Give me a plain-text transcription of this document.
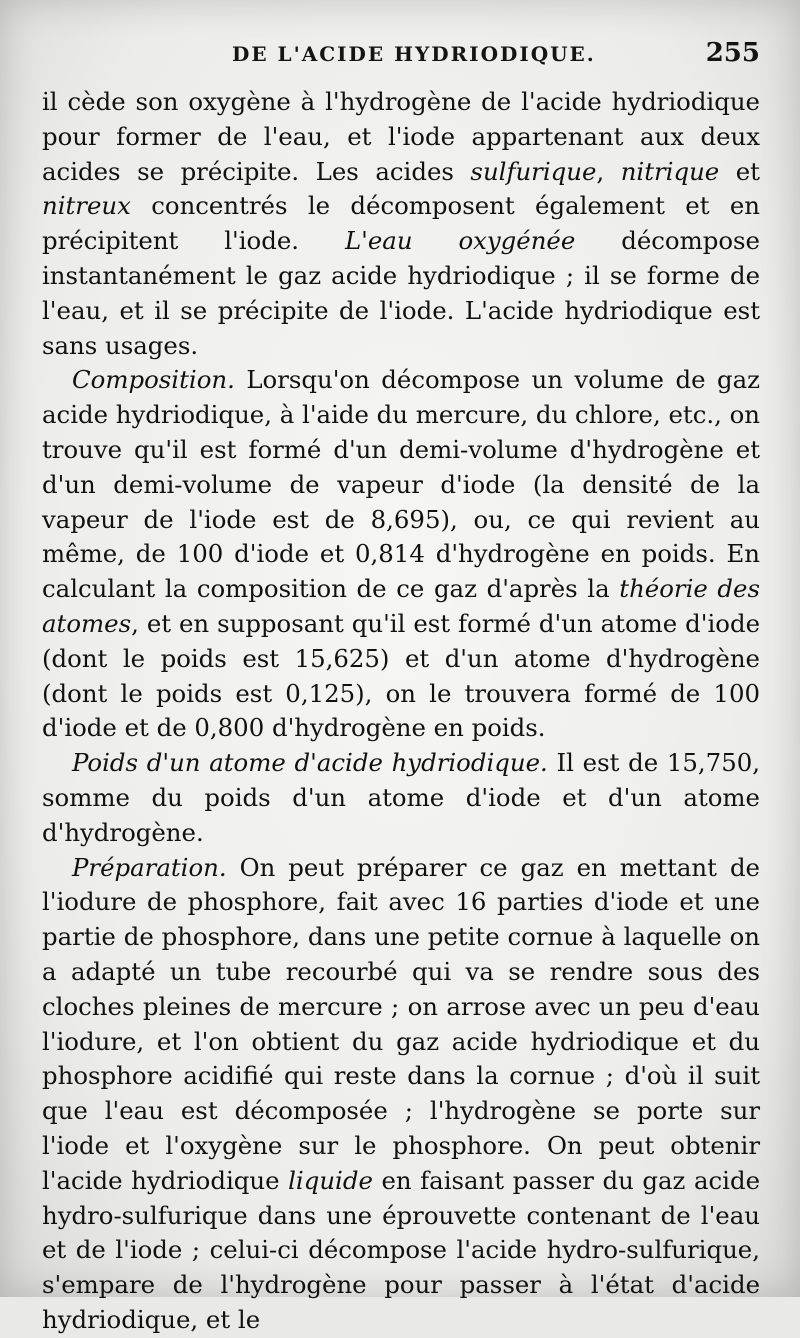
DE L'ACIDE HYDRIODIQUE.	255

il cède son oxygène à l'hydrogène de l'acide hydriodique pour former de l'eau, et l'iode appartenant aux deux acides se précipite. Les acides sulfurique, nitrique et nitreux concentrés le décomposent également et en précipitent l'iode. L'eau oxygénée décompose instantanément le gaz acide hydriodique ; il se forme de l'eau, et il se précipite de l'iode. L'acide hydriodique est sans usages.

Composition. Lorsqu'on décompose un volume de gaz acide hydriodique, à l'aide du mercure, du chlore, etc., on trouve qu'il est formé d'un demi-volume d'hydrogène et d'un demi-volume de vapeur d'iode (la densité de la vapeur de l'iode est de 8,695), ou, ce qui revient au même, de 100 d'iode et 0,814 d'hydrogène en poids. En calculant la composition de ce gaz d'après la théorie des atomes, et en supposant qu'il est formé d'un atome d'iode (dont le poids est 15,625) et d'un atome d'hydrogène (dont le poids est 0,125), on le trouvera formé de 100 d'iode et de 0,800 d'hydrogène en poids.

Poids d'un atome d'acide hydriodique. Il est de 15,750, somme du poids d'un atome d'iode et d'un atome d'hydrogène.

Préparation. On peut préparer ce gaz en mettant de l'iodure de phosphore, fait avec 16 parties d'iode et une partie de phosphore, dans une petite cornue à laquelle on a adapté un tube recourbé qui va se rendre sous des cloches pleines de mercure ; on arrose avec un peu d'eau l'iodure, et l'on obtient du gaz acide hydriodique et du phosphore acidifié qui reste dans la cornue ; d'où il suit que l'eau est décomposée ; l'hydrogène se porte sur l'iode et l'oxygène sur le phosphore. On peut obtenir l'acide hydriodique liquide en faisant passer du gaz acide hydro-sulfurique dans une éprouvette contenant de l'eau et de l'iode ; celui-ci décompose l'acide hydro-sulfurique, s'empare de l'hydrogène pour passer à l'état d'acide hydriodique, et le
